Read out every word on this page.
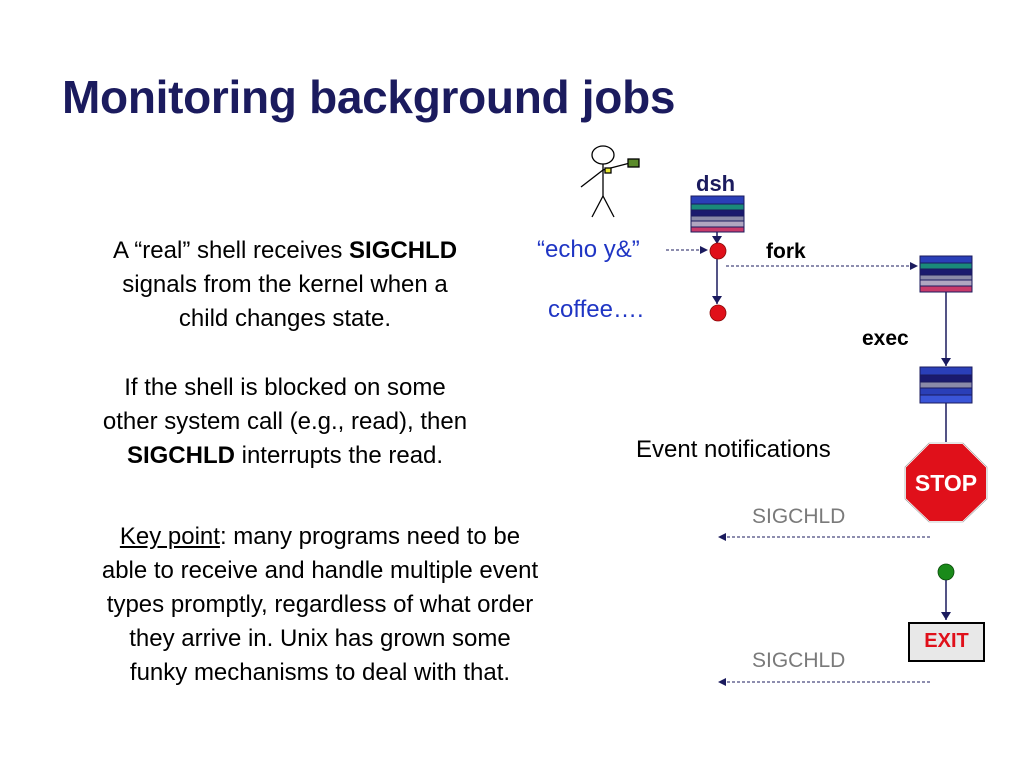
Monitoring background jobs

A “real” shell receives SIGCHLD
signals from the kernel when a
child changes state.

If the shell is blocked on some
other system call (e.g., read), then
SIGCHLD interrupts the read.

Key point: many programs need to be
able to receive and handle multiple event
types promptly, regardless of what order
they arrive in. Unix has grown some
funky mechanisms to deal with that.

dsh
“echo y&”
coffee….
fork
exec
Event notifications
STOP
EXIT
SIGCHLD
SIGCHLD
